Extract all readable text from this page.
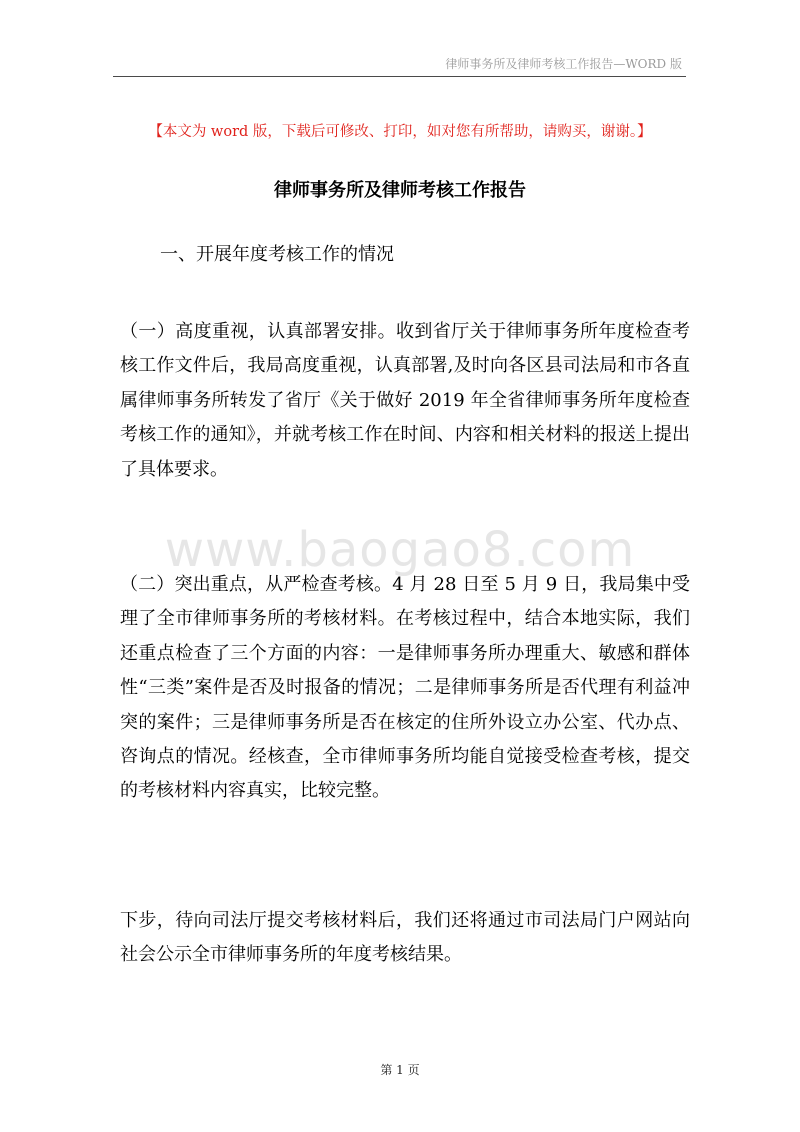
律师事务所及律师考核工作报告—WORD 版
【本文为 word 版，下载后可修改、打印，如对您有所帮助，请购买，谢谢。】
律师事务所及律师考核工作报告
一、开展年度考核工作的情况

（一）高度重视，认真部署安排。收到省厅关于律师事务所年度检查考核工作文件后，我局高度重视，认真部署,及时向各区县司法局和市各直属律师事务所转发了省厅《关于做好 2019 年全省律师事务所年度检查考核工作的通知》，并就考核工作在时间、内容和相关材料的报送上提出了具体要求。

www.baogao8.com

（二）突出重点，从严检查考核。4 月 28 日至 5 月 9 日，我局集中受理了全市律师事务所的考核材料。在考核过程中，结合本地实际，我们还重点检查了三个方面的内容：一是律师事务所办理重大、敏感和群体性“三类”案件是否及时报备的情况；二是律师事务所是否代理有利益冲突的案件；三是律师事务所是否在核定的住所外设立办公室、代办点、咨询点的情况。经核查，全市律师事务所均能自觉接受检查考核，提交的考核材料内容真实，比较完整。

下步，待向司法厅提交考核材料后，我们还将通过市司法局门户网站向社会公示全市律师事务所的年度考核结果。

第 1 页
